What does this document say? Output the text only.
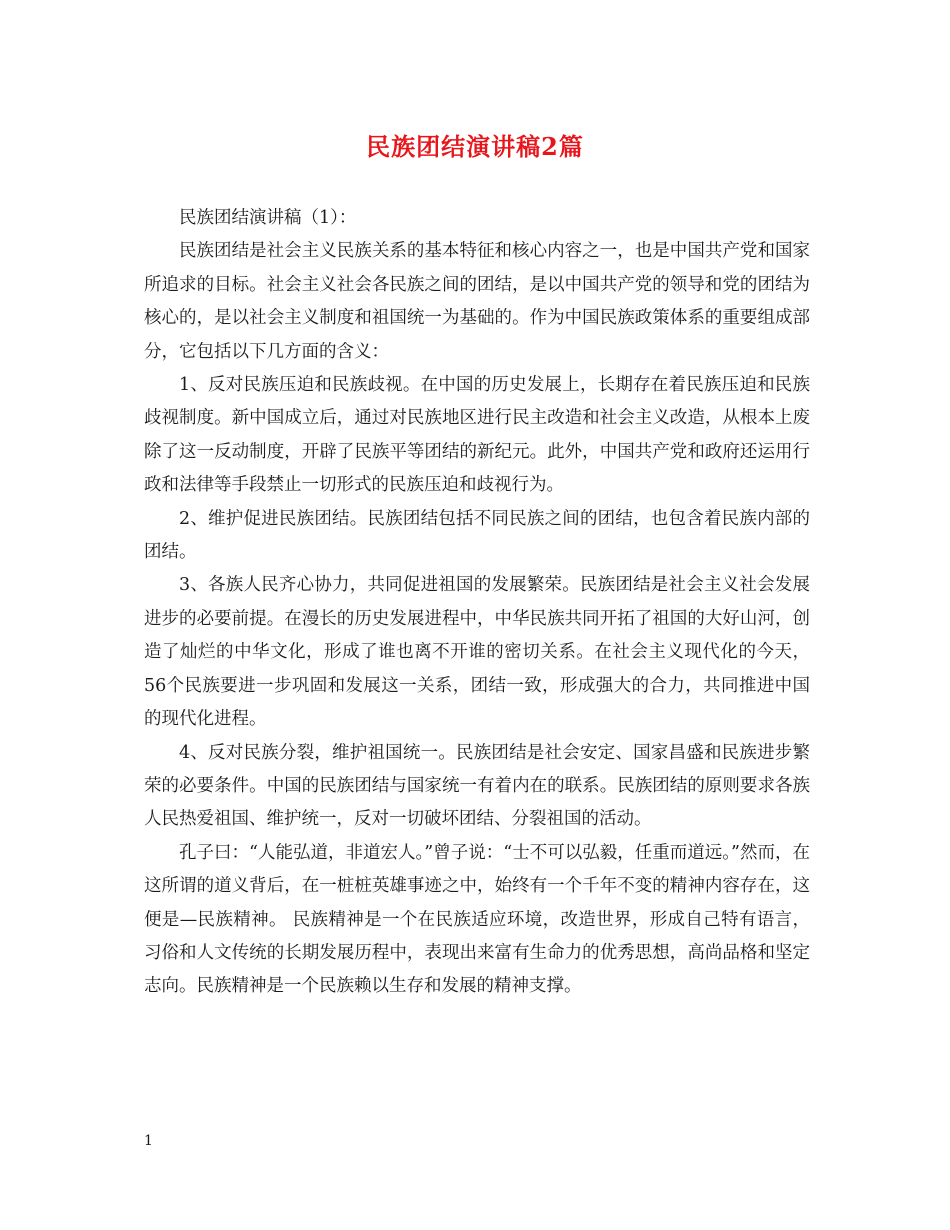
民族团结演讲稿2篇

民族团结演讲稿（1）：

民族团结是社会主义民族关系的基本特征和核心内容之一，也是中国共产党和国家所追求的目标。社会主义社会各民族之间的团结，是以中国共产党的领导和党的团结为核心的，是以社会主义制度和祖国统一为基础的。作为中国民族政策体系的重要组成部分，它包括以下几方面的含义：

1、反对民族压迫和民族歧视。在中国的历史发展上，长期存在着民族压迫和民族歧视制度。新中国成立后，通过对民族地区进行民主改造和社会主义改造，从根本上废除了这一反动制度，开辟了民族平等团结的新纪元。此外，中国共产党和政府还运用行政和法律等手段禁止一切形式的民族压迫和歧视行为。

2、维护促进民族团结。民族团结包括不同民族之间的团结，也包含着民族内部的团结。

3、各族人民齐心协力，共同促进祖国的发展繁荣。民族团结是社会主义社会发展进步的必要前提。在漫长的历史发展进程中，中华民族共同开拓了祖国的大好山河，创造了灿烂的中华文化，形成了谁也离不开谁的密切关系。在社会主义现代化的今天，56个民族要进一步巩固和发展这一关系，团结一致，形成强大的合力，共同推进中国的现代化进程。

4、反对民族分裂，维护祖国统一。民族团结是社会安定、国家昌盛和民族进步繁荣的必要条件。中国的民族团结与国家统一有着内在的联系。民族团结的原则要求各族人民热爱祖国、维护统一，反对一切破坏团结、分裂祖国的活动。

孔子曰：“人能弘道，非道宏人。”曾子说：“士不可以弘毅，任重而道远。”然而，在这所谓的道义背后，在一桩桩英雄事迹之中，始终有一个千年不变的精神内容存在，这便是—民族精神。 民族精神是一个在民族适应环境，改造世界，形成自己特有语言，习俗和人文传统的长期发展历程中，表现出来富有生命力的优秀思想，高尚品格和坚定志向。民族精神是一个民族赖以生存和发展的精神支撑。

1
